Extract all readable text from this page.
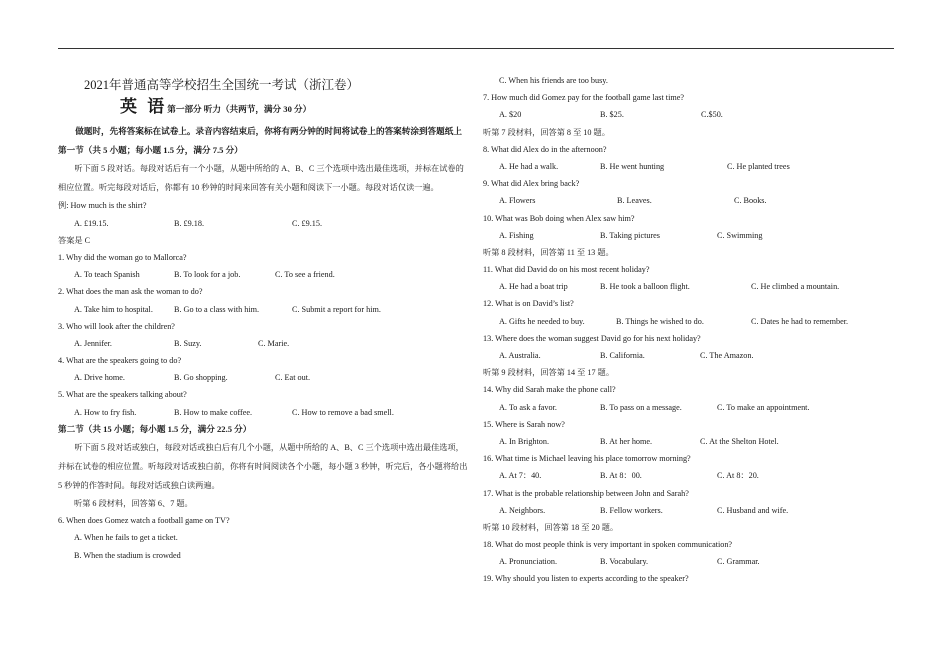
2021年普通高等学校招生全国统一考试（浙江卷）
英 语第一部分 听力（共两节，满分 30 分）
做题时，先将答案标在试卷上。录音内容结束后，你将有两分钟的时间将试卷上的答案转涂到答题纸上
第一节（共 5 小题；每小题 1.5 分，满分 7.5 分）
听下面 5 段对话。每段对话后有一个小题，从题中所给的 A、B、C 三个选项中选出最佳选项，并标在试卷的相应位置。听完每段对话后，你都有 10 秒钟的时间来回答有关小题和阅读下一小题。每段对话仅读一遍。
例: How much is the shirt?
A. £19.15.	B. £9.18.	C. £9.15.
答案是 C
1. Why did the woman go to Mallorca?
A. To teach Spanish	B. To look for a job.	C. To see a friend.
2. What does the man ask the woman to do?
A. Take him to hospital.	B. Go to a class with him.	C. Submit a report for him.
3. Who will look after the children?
A. Jennifer.	B. Suzy.	C. Marie.
4. What are the speakers going to do?
A. Drive home.	B. Go shopping.	C. Eat out.
5. What are the speakers talking about?
A. How to fry fish.	B. How to make coffee.	C. How to remove a bad smell.
第二节（共 15 小题；每小题 1.5 分，满分 22.5 分）
听下面 5 段对话或独白，每段对话或独白后有几个小题，从题中所给的 A、B、C 三个选项中选出最佳选项，并标在试卷的相应位置。听每段对话或独白前，你将有时间阅读各个小题，每小题 3 秒钟，听完后，各小题将给出 5 秒钟的作答时间。每段对话或独白读两遍。
听第 6 段材料，回答第 6、7 题。
6. When does Gomez watch a football game on TV?
A. When he fails to get a ticket.
B. When the stadium is crowded
C. When his friends are too busy.
7. How much did Gomez pay for the football game last time?
A. $20	B. $25.	C.$50.
听第 7 段材料，回答第 8 至 10 题。
8. What did Alex do in the afternoon?
A. He had a walk.	B. He went hunting	C. He planted trees
9. What did Alex bring back?
A. Flowers	B. Leaves.	C. Books.
10. What was Bob doing when Alex saw him?
A. Fishing	B. Taking pictures	C. Swimming
听第 8 段材料，回答第 11 至 13 题。
11. What did David do on his most recent holiday?
A. He had a boat trip	B. He took a balloon flight.	C. He climbed a mountain.
12. What is on David’s list?
A. Gifts he needed to buy.	B. Things he wished to do.	C. Dates he had to remember.
13. Where does the woman suggest David go for his next holiday?
A. Australia.	B. California.	C. The Amazon.
听第 9 段材料，回答第 14 至 17 题。
14. Why did Sarah make the phone call?
A. To ask a favor.	B. To pass on a message.	C. To make an appointment.
15. Where is Sarah now?
A. In Brighton.	B. At her home.	C. At the Shelton Hotel.
16. What time is Michael leaving his place tomorrow morning?
A. At 7：40.	B. At 8：00.	C. At 8：20.
17. What is the probable relationship between John and Sarah?
A. Neighbors.	B. Fellow workers.	C. Husband and wife.
听第 10 段材料，回答第 18 至 20 题。
18. What do most people think is very important in spoken communication?
A. Pronunciation.	B. Vocabulary.	C. Grammar.
19. Why should you listen to experts according to the speaker?
